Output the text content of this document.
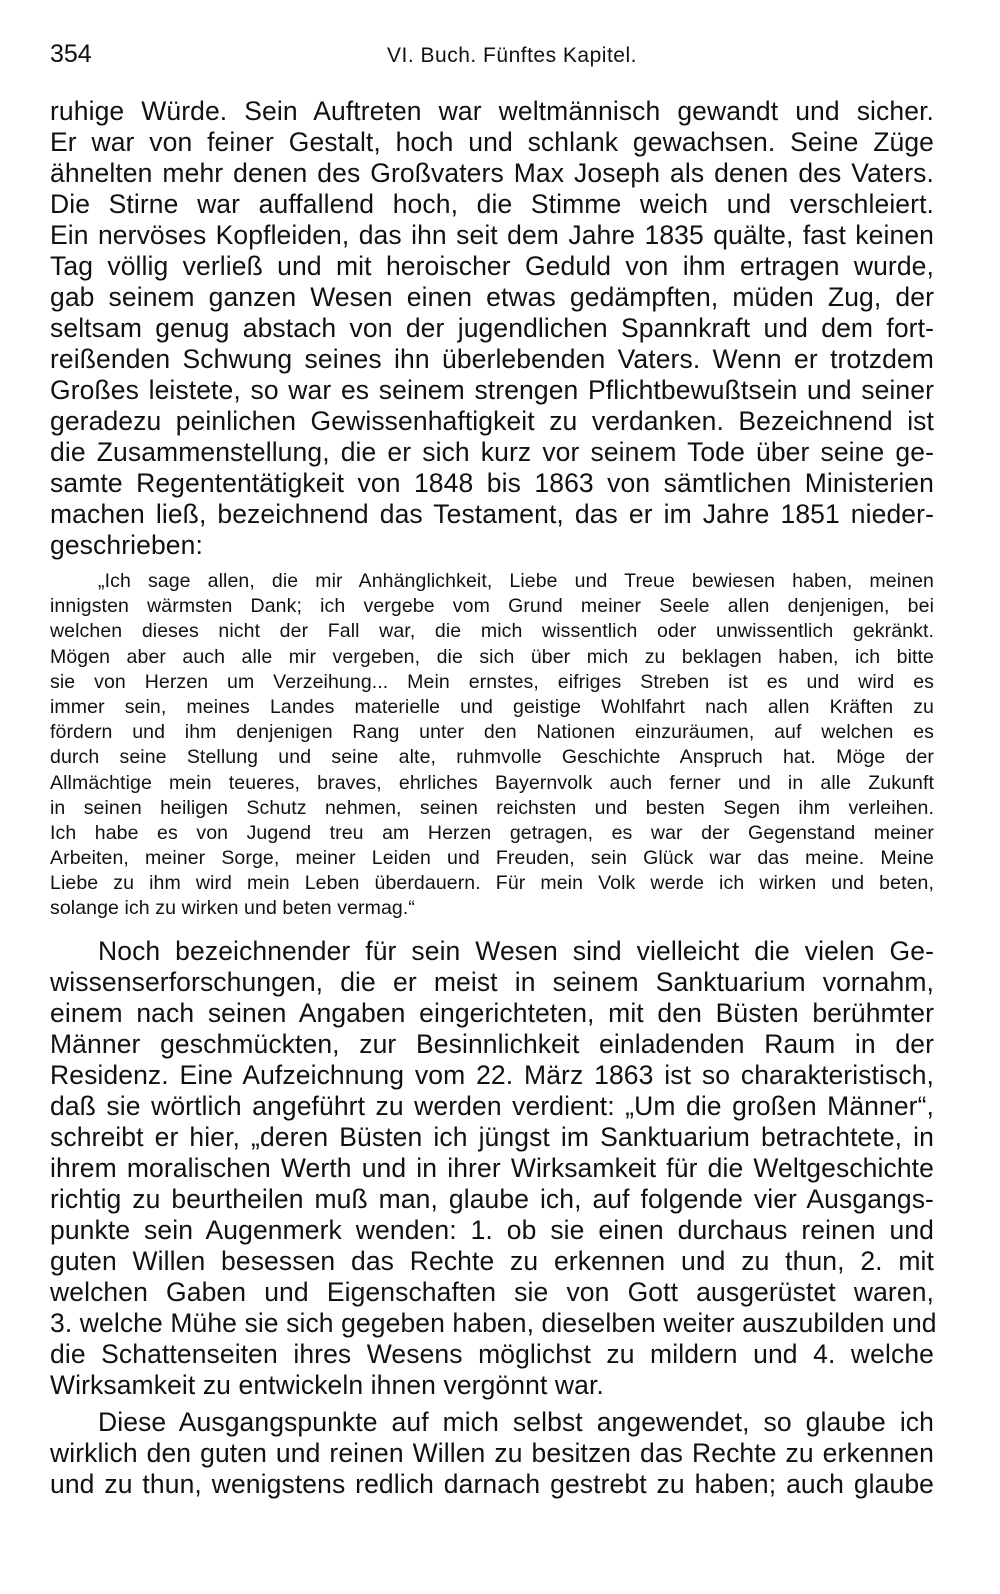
354	VI. Buch. Fünftes Kapitel.
ruhige Würde. Sein Auftreten war weltmännisch gewandt und sicher.
Er war von feiner Gestalt, hoch und schlank gewachsen. Seine Züge
ähnelten mehr denen des Großvaters Max Joseph als denen des Vaters.
Die Stirne war auffallend hoch, die Stimme weich und verschleiert.
Ein nervöses Kopfleiden, das ihn seit dem Jahre 1835 quälte, fast keinen
Tag völlig verließ und mit heroischer Geduld von ihm ertragen wurde,
gab seinem ganzen Wesen einen etwas gedämpften, müden Zug, der
seltsam genug abstach von der jugendlichen Spannkraft und dem fort-
reißenden Schwung seines ihn überlebenden Vaters. Wenn er trotzdem
Großes leistete, so war es seinem strengen Pflichtbewußtsein und seiner
geradezu peinlichen Gewissenhaftigkeit zu verdanken. Bezeichnend ist
die Zusammenstellung, die er sich kurz vor seinem Tode über seine ge-
samte Regententätigkeit von 1848 bis 1863 von sämtlichen Ministerien
machen ließ, bezeichnend das Testament, das er im Jahre 1851 nieder-
geschrieben:
„Ich sage allen, die mir Anhänglichkeit, Liebe und Treue bewiesen haben, meinen
innigsten wärmsten Dank; ich vergebe vom Grund meiner Seele allen denjenigen, bei
welchen dieses nicht der Fall war, die mich wissentlich oder unwissentlich gekränkt.
Mögen aber auch alle mir vergeben, die sich über mich zu beklagen haben, ich bitte
sie von Herzen um Verzeihung... Mein ernstes, eifriges Streben ist es und wird es
immer sein, meines Landes materielle und geistige Wohlfahrt nach allen Kräften zu
fördern und ihm denjenigen Rang unter den Nationen einzuräumen, auf welchen es
durch seine Stellung und seine alte, ruhmvolle Geschichte Anspruch hat. Möge der
Allmächtige mein teueres, braves, ehrliches Bayernvolk auch ferner und in alle Zukunft
in seinen heiligen Schutz nehmen, seinen reichsten und besten Segen ihm verleihen.
Ich habe es von Jugend treu am Herzen getragen, es war der Gegenstand meiner
Arbeiten, meiner Sorge, meiner Leiden und Freuden, sein Glück war das meine. Meine
Liebe zu ihm wird mein Leben überdauern. Für mein Volk werde ich wirken und beten,
solange ich zu wirken und beten vermag.“
Noch bezeichnender für sein Wesen sind vielleicht die vielen Ge-
wissenserforschungen, die er meist in seinem Sanktuarium vornahm,
einem nach seinen Angaben eingerichteten, mit den Büsten berühmter
Männer geschmückten, zur Besinnlichkeit einladenden Raum in der
Residenz. Eine Aufzeichnung vom 22. März 1863 ist so charakteristisch,
daß sie wörtlich angeführt zu werden verdient: „Um die großen Männer“,
schreibt er hier, „deren Büsten ich jüngst im Sanktuarium betrachtete, in
ihrem moralischen Werth und in ihrer Wirksamkeit für die Weltgeschichte
richtig zu beurtheilen muß man, glaube ich, auf folgende vier Ausgangs-
punkte sein Augenmerk wenden: 1. ob sie einen durchaus reinen und
guten Willen besessen das Rechte zu erkennen und zu thun, 2. mit
welchen Gaben und Eigenschaften sie von Gott ausgerüstet waren,
3. welche Mühe sie sich gegeben haben, dieselben weiter auszubilden und
die Schattenseiten ihres Wesens möglichst zu mildern und 4. welche
Wirksamkeit zu entwickeln ihnen vergönnt war.
Diese Ausgangspunkte auf mich selbst angewendet, so glaube ich
wirklich den guten und reinen Willen zu besitzen das Rechte zu erkennen
und zu thun, wenigstens redlich darnach gestrebt zu haben; auch glaube
